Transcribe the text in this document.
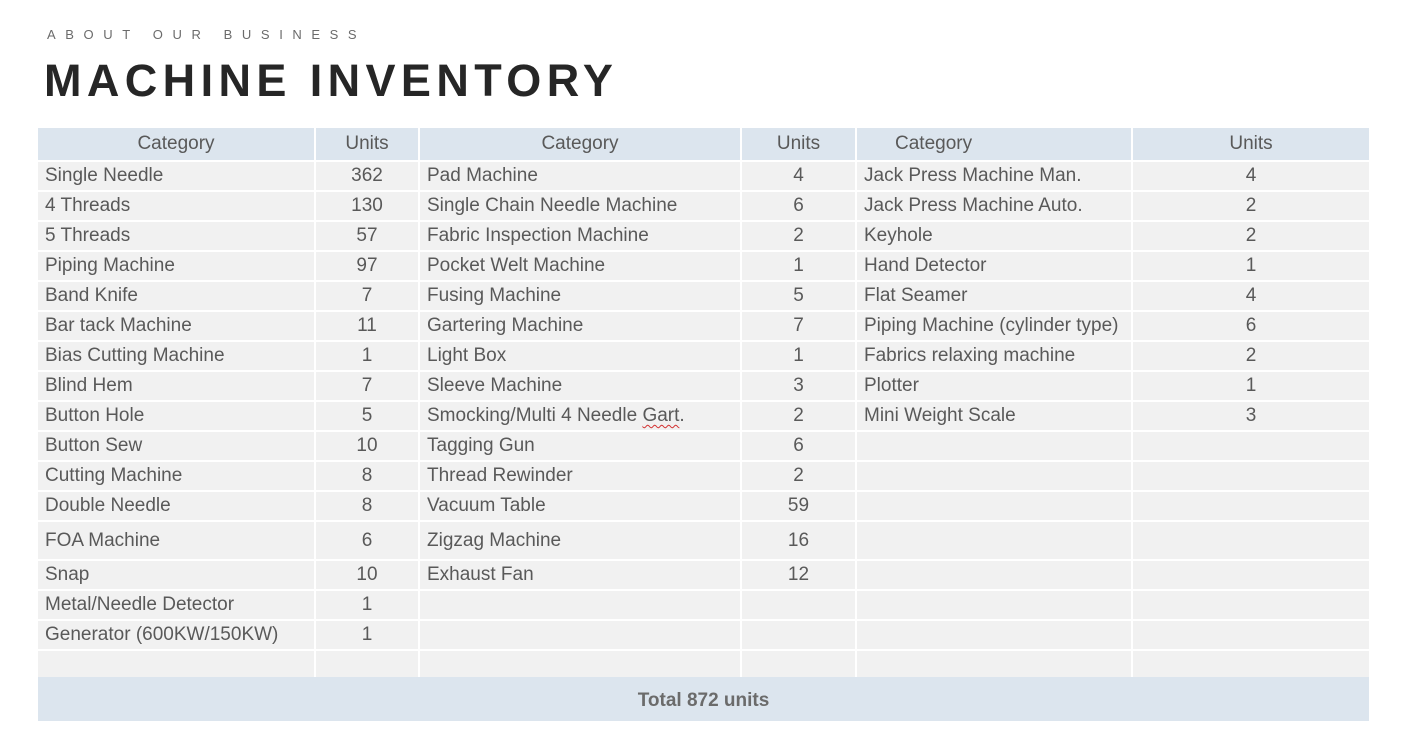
ABOUT OUR BUSINESS
MACHINE INVENTORY
Category	Units	Category	Units	Category	Units
Single Needle	362	Pad Machine	4	Jack Press Machine Man.	4
4 Threads	130	Single Chain Needle Machine	6	Jack Press Machine Auto.	2
5 Threads	57	Fabric Inspection Machine	2	Keyhole	2
Piping Machine	97	Pocket Welt Machine	1	Hand Detector	1
Band Knife	7	Fusing Machine	5	Flat Seamer	4
Bar tack Machine	11	Gartering Machine	7	Piping Machine (cylinder type)	6
Bias Cutting Machine	1	Light Box	1	Fabrics relaxing machine	2
Blind Hem	7	Sleeve Machine	3	Plotter	1
Button Hole	5	Smocking/Multi 4 Needle Gart.	2	Mini Weight Scale	3
Button Sew	10	Tagging Gun	6		
Cutting Machine	8	Thread Rewinder	2		
Double Needle	8	Vacuum Table	59		
FOA Machine	6	Zigzag Machine	16		
Snap	10	Exhaust Fan	12		
Metal/Needle Detector	1				
Generator (600KW/150KW)	1				

Total 872 units
